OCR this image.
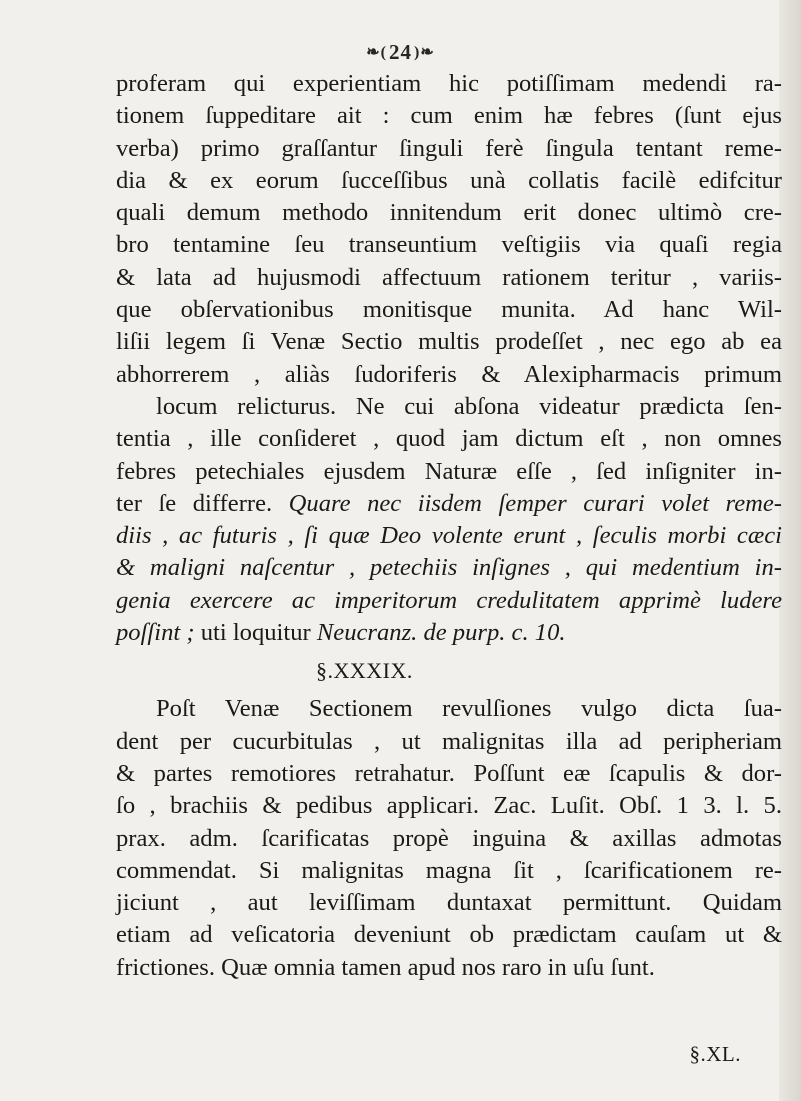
❧(24 )❧
proferam qui experientiam hic potiſſimam medendi ra-
tionem ſuppeditare ait : cum enim hæ febres (ſunt ejus
verba) primo graſſantur ſinguli ferè ſingula tentant reme-
dia & ex eorum ſucceſſibus unà collatis facilè edifcitur
quali demum methodo innitendum erit donec ultimò cre-
bro tentamine ſeu transeuntium veſtigiis via quaſi regia
& lata ad hujusmodi affectuum rationem teritur , variis-
que obſervationibus monitisque munita. Ad hanc Wil-
liſii legem ſi Venæ Sectio multis prodeſſet , nec ego ab ea
abhorrerem , aliàs ſudoriferis & Alexipharmacis primum
locum relicturus. Ne cui abſona videatur prædicta ſen-
tentia , ille conſideret , quod jam dictum eſt , non omnes
febres petechiales ejusdem Naturæ eſſe , ſed inſigniter in-
ter ſe differre. Quare nec iisdem ſemper curari volet reme-
diis , ac futuris , ſi quæ Deo volente erunt , ſeculis morbi cæci
& maligni naſcentur , petechiis inſignes , qui medentium in-
genia exercere ac imperitorum credulitatem apprimè ludere
poſſint ; uti loquitur Neucranz. de purp. c. 10.
§.XXXIX.
Poſt Venæ Sectionem revulſiones vulgo dicta ſua-
dent per cucurbitulas , ut malignitas illa ad peripheriam
& partes remotiores retrahatur. Poſſunt eæ ſcapulis & dor-
ſo , brachiis & pedibus applicari. Zac. Luſit. Obſ. 1 3. l. 5.
prax. adm. ſcarificatas propè inguina & axillas admotas
commendat. Si malignitas magna ſit , ſcarificationem re-
jiciunt , aut leviſſimam duntaxat permittunt. Quidam
etiam ad veſicatoria deveniunt ob prædictam cauſam ut &
frictiones. Quæ omnia tamen apud nos raro in uſu ſunt.
§.XL.
